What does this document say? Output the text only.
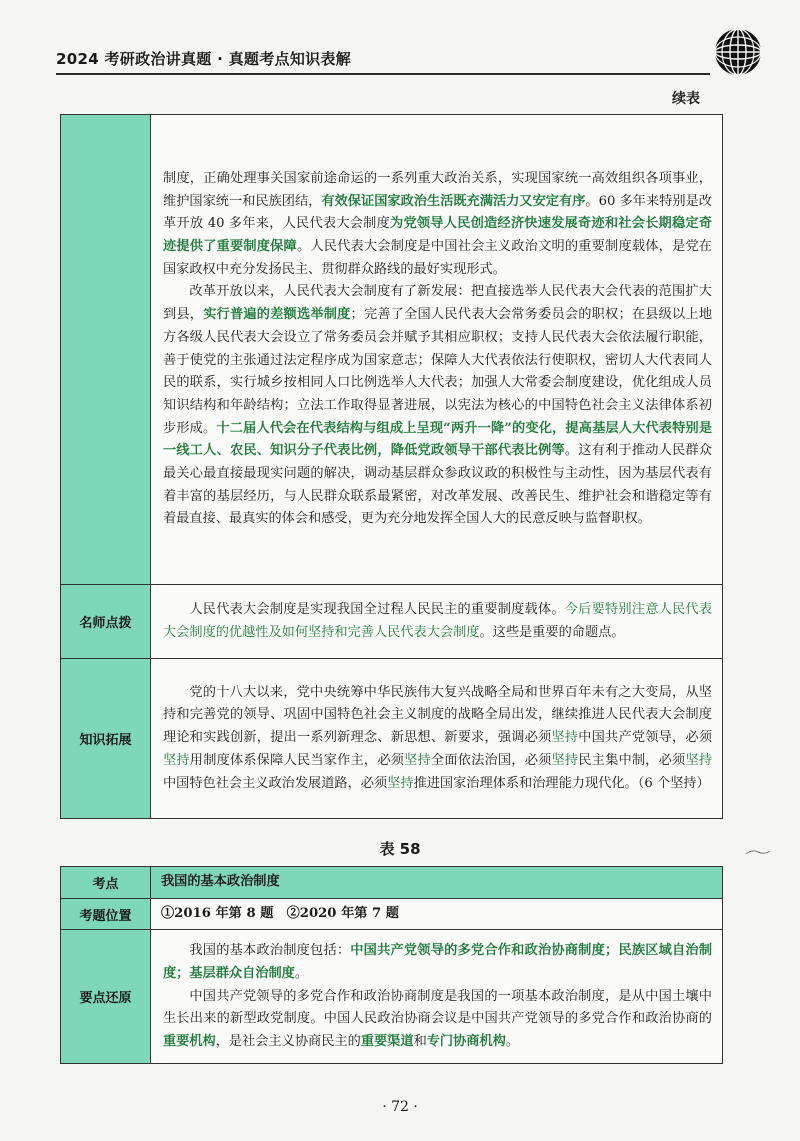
2024 考研政治讲真题 · 真题考点知识表解
续表

	制度，正确处理事关国家前途命运的一系列重大政治关系，实现国家统一高效组织各项事业，维护国家统一和民族团结，有效保证国家政治生活既充满活力又安定有序。60 多年来特别是改革开放 40 多年来，人民代表大会制度为党领导人民创造经济快速发展奇迹和社会长期稳定奇迹提供了重要制度保障。人民代表大会制度是中国社会主义政治文明的重要制度载体，是党在国家政权中充分发扬民主、贯彻群众路线的最好实现形式。

改革开放以来，人民代表大会制度有了新发展：把直接选举人民代表大会代表的范围扩大到县，实行普遍的差额选举制度；完善了全国人民代表大会常务委员会的职权；在县级以上地方各级人民代表大会设立了常务委员会并赋予其相应职权；支持人民代表大会依法履行职能，善于使党的主张通过法定程序成为国家意志；保障人大代表依法行使职权，密切人大代表同人民的联系，实行城乡按相同人口比例选举人大代表；加强人大常委会制度建设，优化组成人员知识结构和年龄结构；立法工作取得显著进展，以宪法为核心的中国特色社会主义法律体系初步形成。十二届人代会在代表结构与组成上呈现“两升一降”的变化，提高基层人大代表特别是一线工人、农民、知识分子代表比例，降低党政领导干部代表比例等。这有利于推动人民群众最关心最直接最现实问题的解决，调动基层群众参政议政的积极性与主动性，因为基层代表有着丰富的基层经历，与人民群众联系最紧密，对改革发展、改善民生、维护社会和谐稳定等有着最直接、最真实的体会和感受，更为充分地发挥全国人大的民意反映与监督职权。

名师点拨	人民代表大会制度是实现我国全过程人民民主的重要制度载体。今后要特别注意人民代表大会制度的优越性及如何坚持和完善人民代表大会制度。这些是重要的命题点。

知识拓展	党的十八大以来，党中央统筹中华民族伟大复兴战略全局和世界百年未有之大变局，从坚持和完善党的领导、巩固中国特色社会主义制度的战略全局出发，继续推进人民代表大会制度理论和实践创新，提出一系列新理念、新思想、新要求，强调必须坚持中国共产党领导，必须坚持用制度体系保障人民当家作主，必须坚持全面依法治国，必须坚持民主集中制，必须坚持中国特色社会主义政治发展道路，必须坚持推进国家治理体系和治理能力现代化。（6 个坚持）

表 58
考点	我国的基本政治制度
考题位置	①2016 年第 8 题　②2020 年第 7 题
要点还原	我国的基本政治制度包括：中国共产党领导的多党合作和政治协商制度；民族区域自治制度；基层群众自治制度。

中国共产党领导的多党合作和政治协商制度是我国的一项基本政治制度，是从中国土壤中生长出来的新型政党制度。中国人民政治协商会议是中国共产党领导的多党合作和政治协商的重要机构，是社会主义协商民主的重要渠道和专门协商机构。

· 72 ·
